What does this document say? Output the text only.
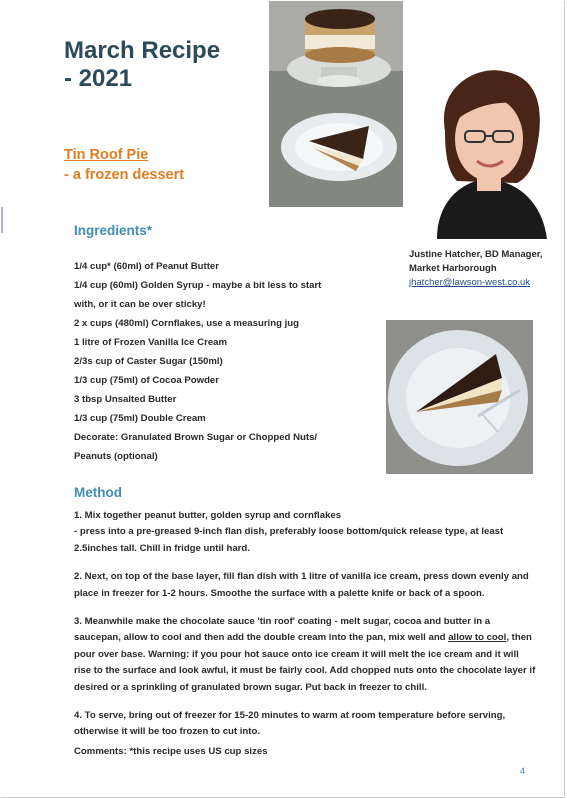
March Recipe
- 2021
Tin Roof Pie
- a frozen dessert
Justine Hatcher, BD Manager,
Market Harborough
jhatcher@lawson-west.co.uk
Ingredients*
1/4 cup* (60ml) of Peanut Butter
1/4 cup (60ml) Golden Syrup - maybe a bit less to start
with, or it can be over sticky!
2 x cups (480ml) Cornflakes, use a measuring jug
1 litre of Frozen Vanilla Ice Cream
2/3s cup of Caster Sugar (150ml)
1/3 cup (75ml) of Cocoa Powder
3 tbsp Unsalted Butter
1/3 cup (75ml) Double Cream
Decorate: Granulated Brown Sugar or Chopped Nuts/
Peanuts (optional)
Method
1. Mix together peanut butter, golden syrup and cornflakes
- press into a pre-greased 9-inch flan dish, preferably loose bottom/quick release type, at least 2.5inches tall. Chill in fridge until hard.
2. Next, on top of the base layer, fill flan dish with 1 litre of vanilla ice cream, press down evenly and place in freezer for 1-2 hours. Smoothe the surface with a palette knife or back of a spoon.
3. Meanwhile make the chocolate sauce 'tin roof' coating - melt sugar, cocoa and butter in a saucepan, allow to cool and then add the double cream into the pan, mix well and allow to cool, then pour over base. Warning: if you pour hot sauce onto ice cream it will melt the ice cream and it will rise to the surface and look awful, it must be fairly cool. Add chopped nuts onto the chocolate layer if desired or a sprinkling of granulated brown sugar. Put back in freezer to chill.
4. To serve, bring out of freezer for 15-20 minutes to warm at room temperature before serving, otherwise it will be too frozen to cut into.
Comments: *this recipe uses US cup sizes
4
